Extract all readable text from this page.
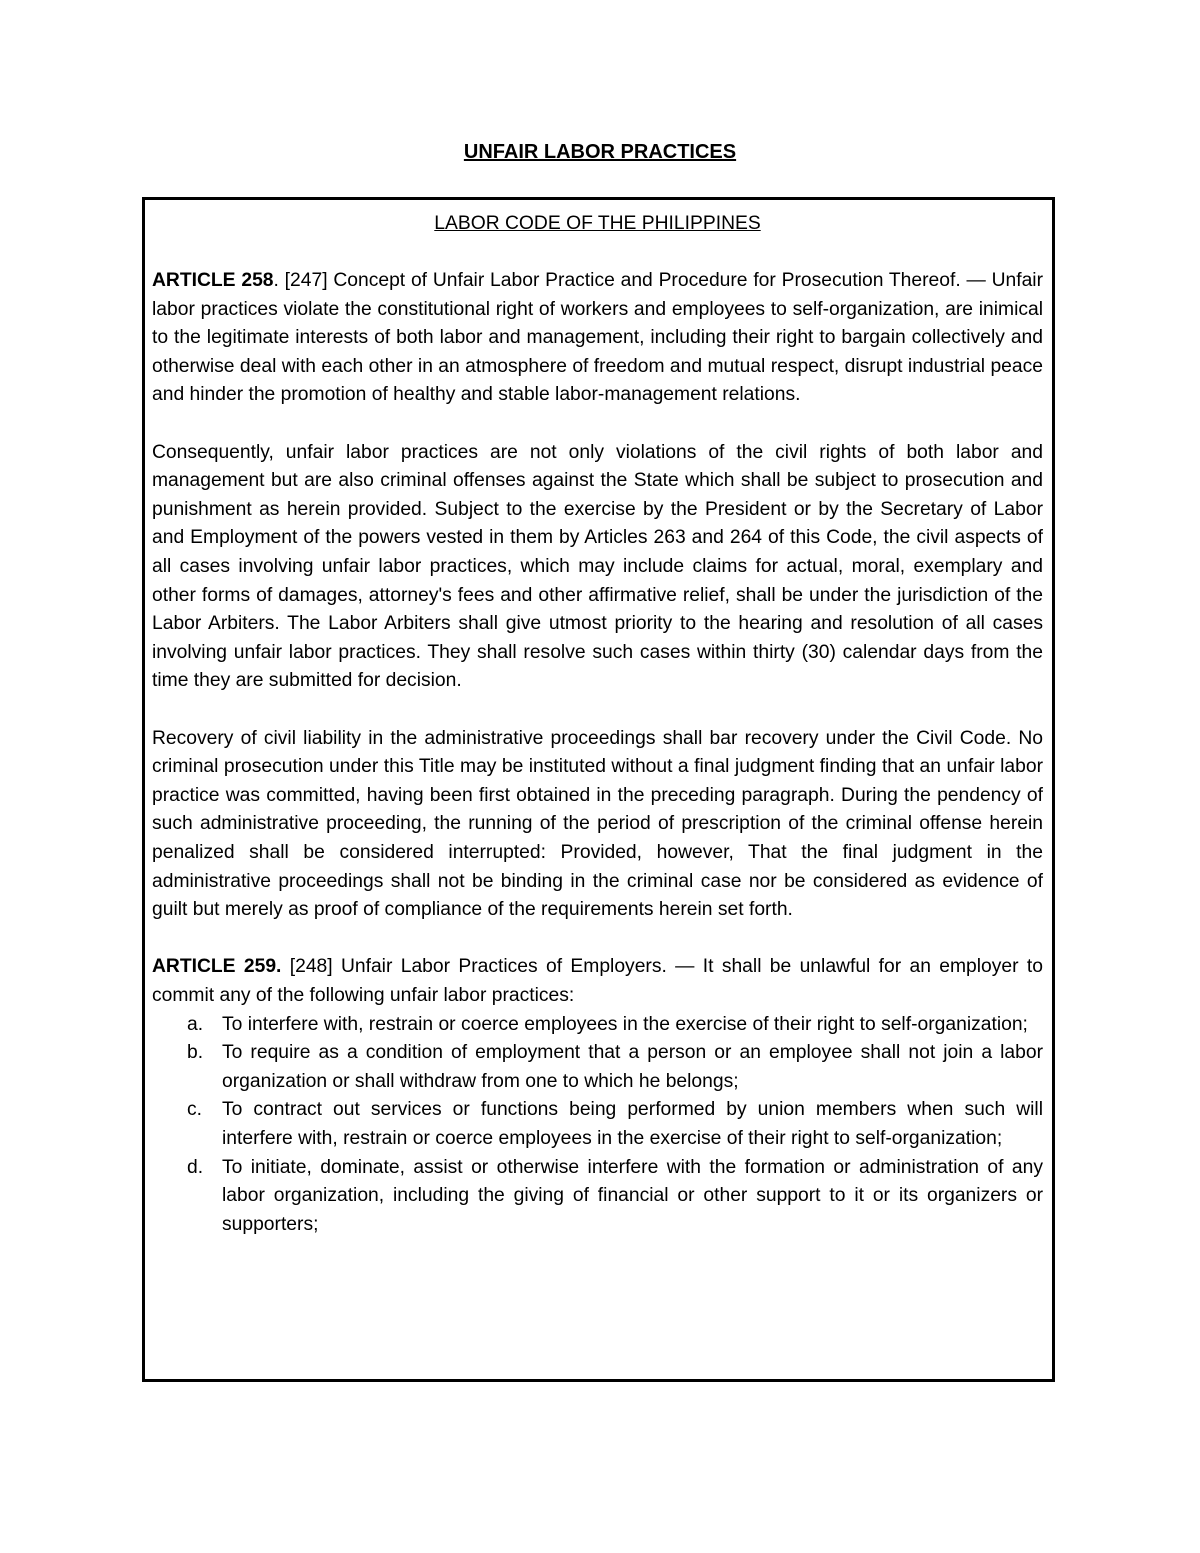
UNFAIR LABOR PRACTICES

LABOR CODE OF THE PHILIPPINES

ARTICLE 258. [247] Concept of Unfair Labor Practice and Procedure for Prosecution Thereof. — Unfair labor practices violate the constitutional right of workers and employees to self-organization, are inimical to the legitimate interests of both labor and management, including their right to bargain collectively and otherwise deal with each other in an atmosphere of freedom and mutual respect, disrupt industrial peace and hinder the promotion of healthy and stable labor-management relations.

Consequently, unfair labor practices are not only violations of the civil rights of both labor and management but are also criminal offenses against the State which shall be subject to prosecution and punishment as herein provided. Subject to the exercise by the President or by the Secretary of Labor and Employment of the powers vested in them by Articles 263 and 264 of this Code, the civil aspects of all cases involving unfair labor practices, which may include claims for actual, moral, exemplary and other forms of damages, attorney's fees and other affirmative relief, shall be under the jurisdiction of the Labor Arbiters. The Labor Arbiters shall give utmost priority to the hearing and resolution of all cases involving unfair labor practices. They shall resolve such cases within thirty (30) calendar days from the time they are submitted for decision.

Recovery of civil liability in the administrative proceedings shall bar recovery under the Civil Code. No criminal prosecution under this Title may be instituted without a final judgment finding that an unfair labor practice was committed, having been first obtained in the preceding paragraph. During the pendency of such administrative proceeding, the running of the period of prescription of the criminal offense herein penalized shall be considered interrupted: Provided, however, That the final judgment in the administrative proceedings shall not be binding in the criminal case nor be considered as evidence of guilt but merely as proof of compliance of the requirements herein set forth.

ARTICLE 259. [248] Unfair Labor Practices of Employers. — It shall be unlawful for an employer to commit any of the following unfair labor practices:

a. To interfere with, restrain or coerce employees in the exercise of their right to self-organization;
b. To require as a condition of employment that a person or an employee shall not join a labor organization or shall withdraw from one to which he belongs;
c. To contract out services or functions being performed by union members when such will interfere with, restrain or coerce employees in the exercise of their right to self-organization;
d. To initiate, dominate, assist or otherwise interfere with the formation or administration of any labor organization, including the giving of financial or other support to it or its organizers or supporters;
